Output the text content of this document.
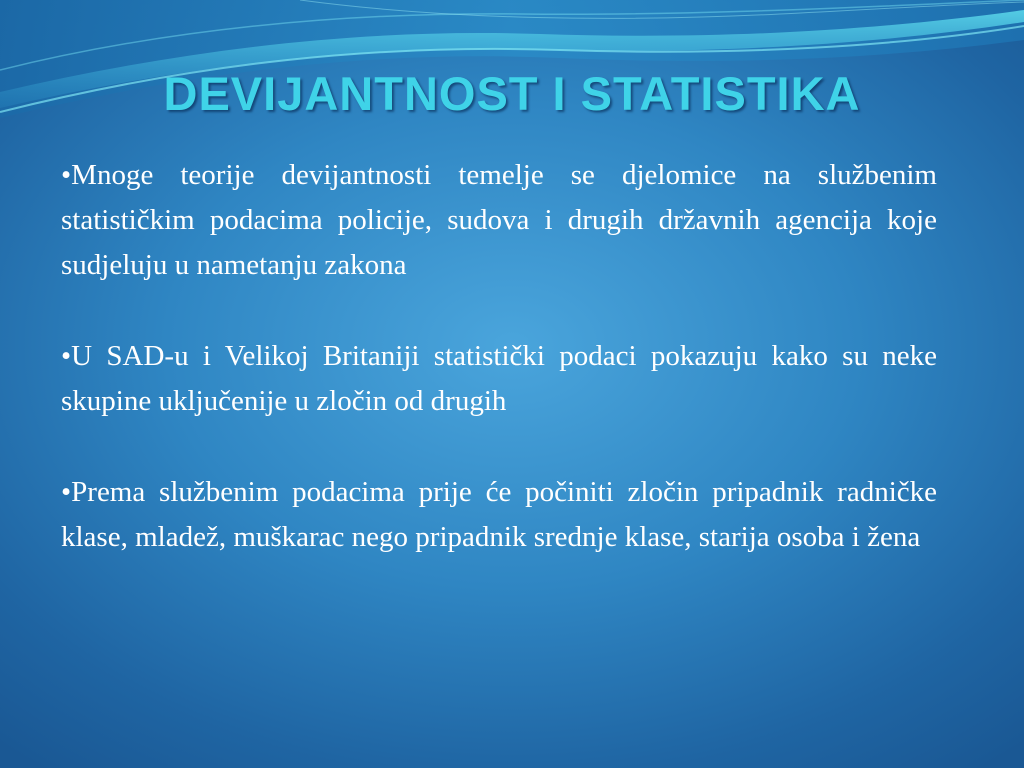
DEVIJANTNOST I STATISTIKA

•Mnoge teorije devijantnosti temelje se djelomice na službenim statističkim podacima policije, sudova i drugih državnih agencija koje sudjeluju u nametanju zakona

•U SAD-u i Velikoj Britaniji statistički podaci pokazuju kako su neke skupine uključenije u zločin od drugih

•Prema službenim podacima prije će počiniti zločin pripadnik radničke klase, mladež, muškarac nego pripadnik srednje klase, starija osoba i žena
